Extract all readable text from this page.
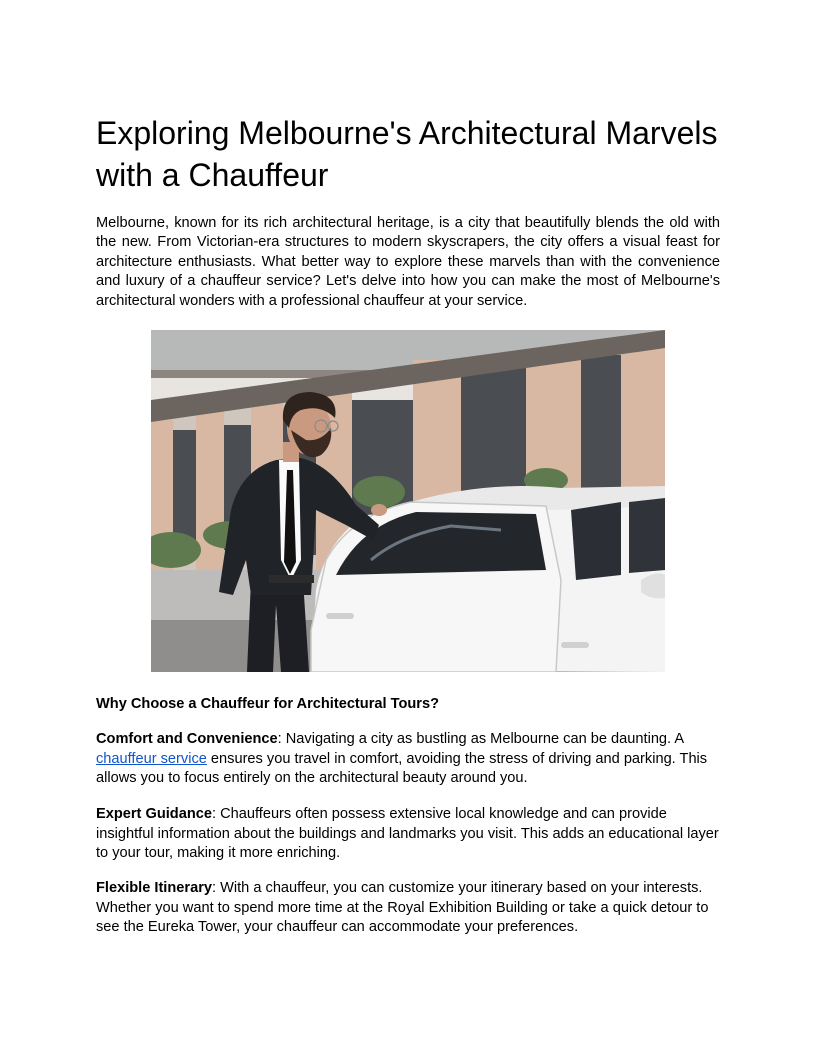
Exploring Melbourne's Architectural Marvels with a Chauffeur

Melbourne, known for its rich architectural heritage, is a city that beautifully blends the old with the new. From Victorian-era structures to modern skyscrapers, the city offers a visual feast for architecture enthusiasts. What better way to explore these marvels than with the convenience and luxury of a chauffeur service? Let's delve into how you can make the most of Melbourne's architectural wonders with a professional chauffeur at your service.

Why Choose a Chauffeur for Architectural Tours?

Comfort and Convenience: Navigating a city as bustling as Melbourne can be daunting. A chauffeur service ensures you travel in comfort, avoiding the stress of driving and parking. This allows you to focus entirely on the architectural beauty around you.

Expert Guidance: Chauffeurs often possess extensive local knowledge and can provide insightful information about the buildings and landmarks you visit. This adds an educational layer to your tour, making it more enriching.

Flexible Itinerary: With a chauffeur, you can customize your itinerary based on your interests. Whether you want to spend more time at the Royal Exhibition Building or take a quick detour to see the Eureka Tower, your chauffeur can accommodate your preferences.
